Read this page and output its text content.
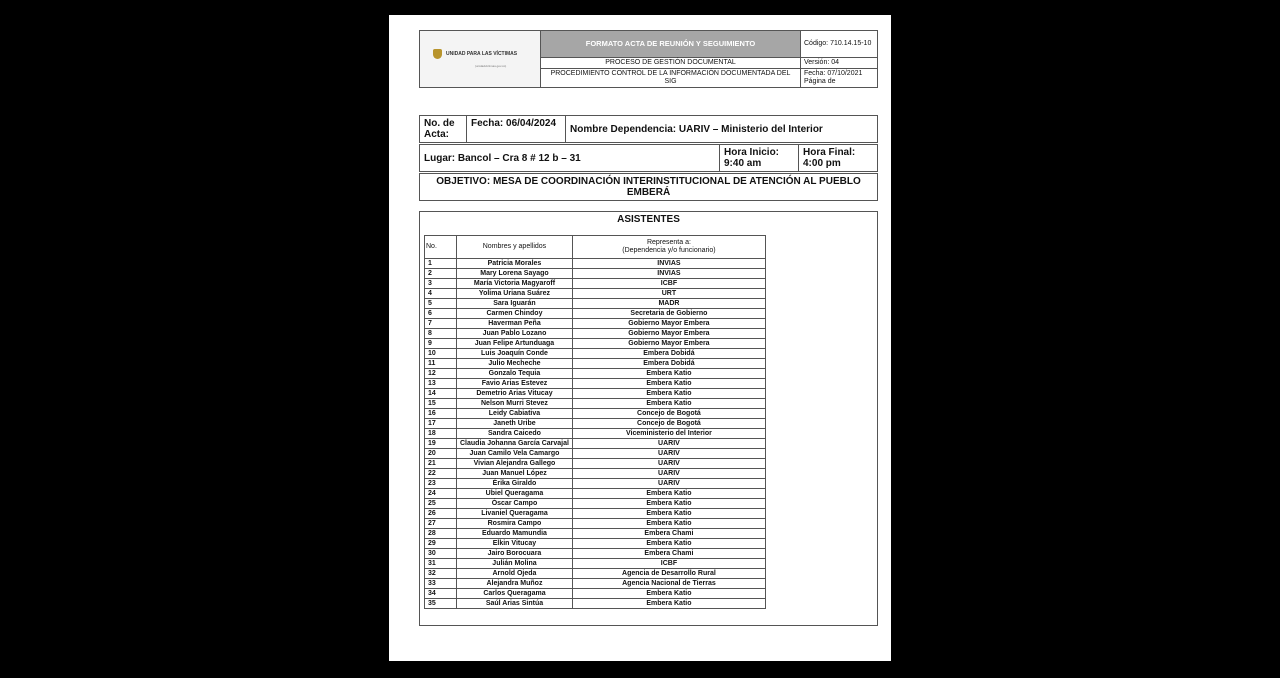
UNIDAD PARA LAS VÍCTIMAS
(unidadvictimas.gov.co)	FORMATO ACTA DE REUNIÓN Y SEGUIMIENTO	Código: 710.14.15-10
	PROCESO DE GESTIÓN DOCUMENTAL	Versión: 04
	PROCEDIMIENTO CONTROL DE LA INFORMACIÓN DOCUMENTADA DEL SIG	Fecha: 07/10/2021
Página de
No. de Acta:	Fecha: 06/04/2024	Nombre Dependencia: UARIV – Ministerio del Interior
Lugar: Bancol – Cra 8 # 12 b – 31	Hora Inicio: 9:40 am	Hora Final: 4:00 pm
OBJETIVO: MESA DE COORDINACIÓN INTERINSTITUCIONAL DE ATENCIÓN AL PUEBLO EMBERÁ
ASISTENTES
No.	Nombres y apellidos	Representa a:
(Dependencia y/o funcionario)

1	Patricia Morales	INVIAS
2	Mary Lorena Sayago	INVIAS
3	María Victoria Magyaroff	ICBF
4	Yolima Uriana Suárez	URT
5	Sara Iguarán	MADR
6	Carmen Chindoy	Secretaria de Gobierno
7	Haverman Peña	Gobierno Mayor Embera
8	Juan Pablo Lozano	Gobierno Mayor Embera
9	Juan Felipe Artunduaga	Gobierno Mayor Embera
10	Luis Joaquín Conde	Embera Dobidá
11	Julio Mecheche	Embera Dobidá
12	Gonzalo Tequia	Embera Katio
13	Favio Arias Estevez	Embera Katio
14	Demetrio Arias Vitucay	Embera Katio
15	Nelson Murri Stevez	Embera Katio
16	Leidy Cabiativa	Concejo de Bogotá
17	Janeth Uribe	Concejo de Bogotá
18	Sandra Caicedo	Viceministerio del Interior
19	Claudia Johanna García Carvajal	UARIV
20	Juan Camilo Vela Camargo	UARIV
21	Vivian Alejandra Gallego	UARIV
22	Juan Manuel López	UARIV
23	Érika Giraldo	UARIV
24	Ubiel Queragama	Embera Katio
25	Óscar Campo	Embera Katio
26	Livaniel Queragama	Embera Katio
27	Rosmira Campo	Embera Katio
28	Eduardo Mamundia	Embera Chami
29	Elkin Vitucay	Embera Katio
30	Jairo Borocuara	Embera Chami
31	Julián Molina	ICBF
32	Arnold Ojeda	Agencia de Desarrollo Rural
33	Alejandra Muñoz	Agencia Nacional de Tierras
34	Carlos Queragama	Embera Katio
35	Saúl Arias Sintúa	Embera Katio
